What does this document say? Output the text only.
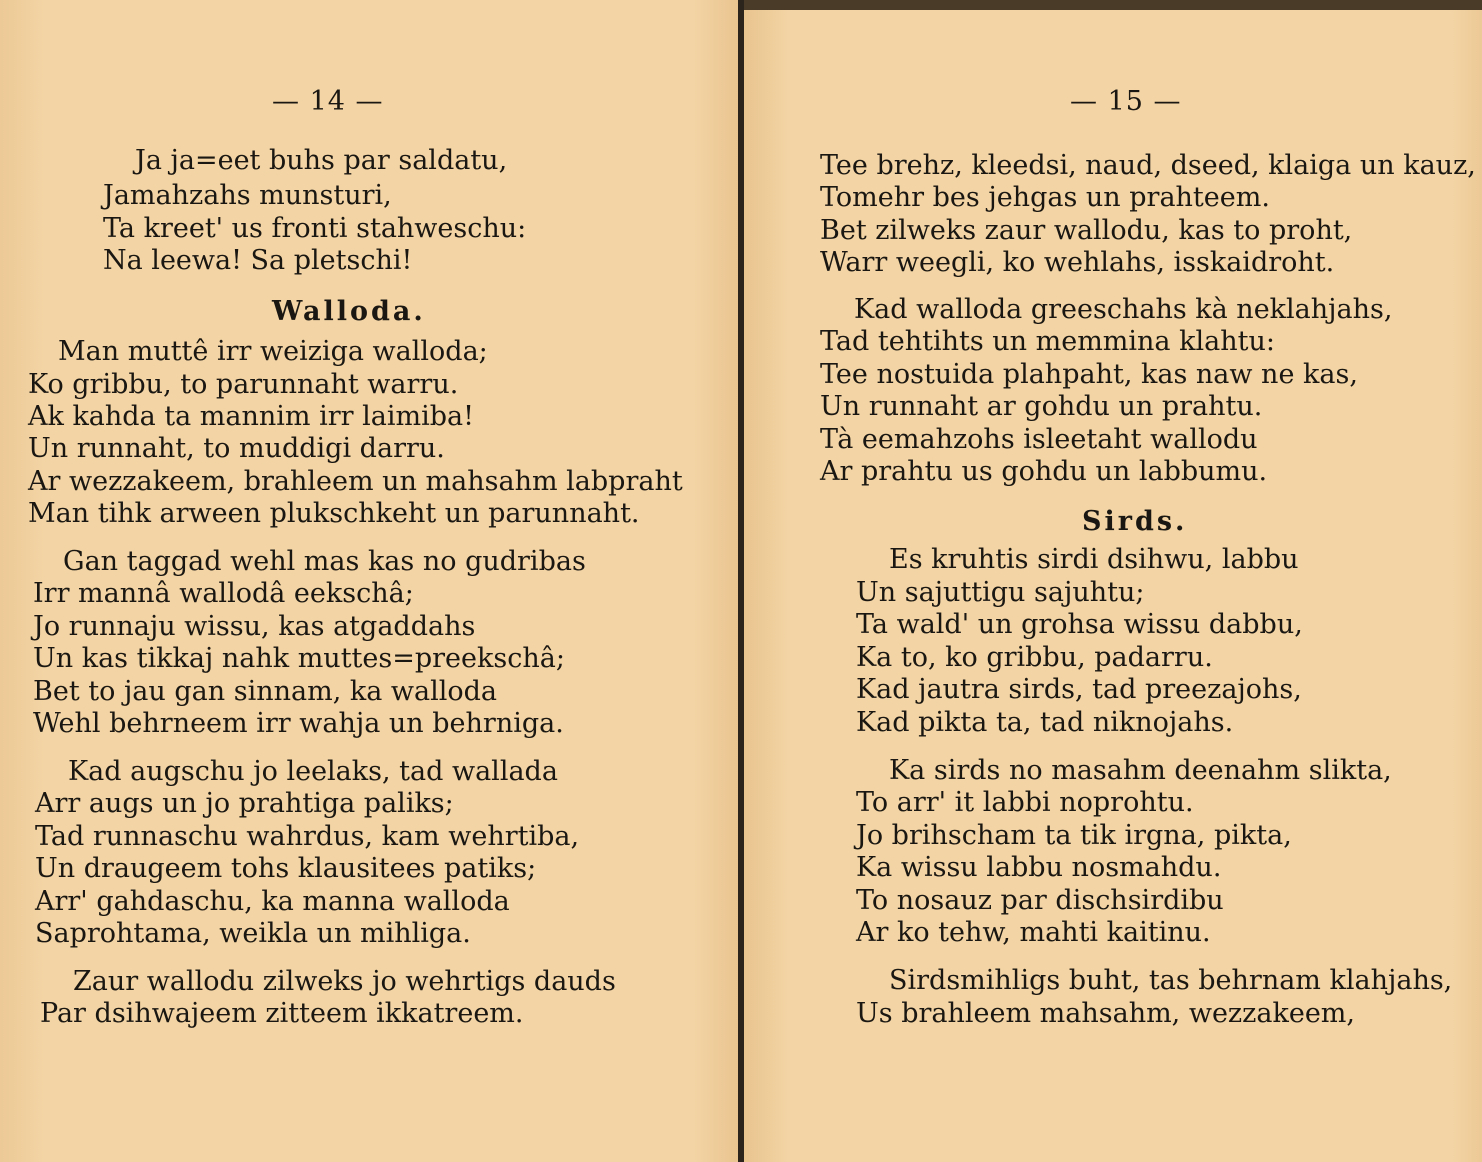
— 14 —
Ja ja=eet buhs par saldatu,
Jamahzahs munsturi,
Ta kreet' us fronti stahweschu:
Na leewa! Sa pletschi!
Walloda.
Man muttê irr weiziga walloda;
Ko gribbu, to parunnaht warru.
Ak kahda ta mannim irr laimiba!
Un runnaht, to muddigi darru.
Ar wezzakeem, brahleem un mahsahm labpraht
Man tihk arween plukschkeht un parunnaht.
Gan taggad wehl mas kas no gudribas
Irr mannâ wallodâ eekschâ;
Jo runnaju wissu, kas atgaddahs
Un kas tikkaj nahk muttes=preekschâ;
Bet to jau gan sinnam, ka walloda
Wehl behrneem irr wahja un behrniga.
Kad augschu jo leelaks, tad wallada
Arr augs un jo prahtiga paliks;
Tad runnaschu wahrdus, kam wehrtiba,
Un draugeem tohs klausitees patiks;
Arr' gahdaschu, ka manna walloda
Saprohtama, weikla un mihliga.
Zaur wallodu zilweks jo wehrtigs dauds
Par dsihwajeem zitteem ikkatreem.
— 15 —
Tee brehz, kleedsi, naud, dseed, klaiga un kauz,
Tomehr bes jehgas un prahteem.
Bet zilweks zaur wallodu, kas to proht,
Warr weegli, ko wehlahs, isskaidroht.
Kad walloda greeschahs kà neklahjahs,
Tad tehtihts un memmina klahtu:
Tee nostuida plahpaht, kas naw ne kas,
Un runnaht ar gohdu un prahtu.
Tà eemahzohs isleetaht wallodu
Ar prahtu us gohdu un labbumu.
Sirds.
Es kruhtis sirdi dsihwu, labbu
Un sajuttigu sajuhtu;
Ta wald' un grohsa wissu dabbu,
Ka to, ko gribbu, padarru.
Kad jautra sirds, tad preezajohs,
Kad pikta ta, tad niknojahs.
Ka sirds no masahm deenahm slikta,
To arr' it labbi noprohtu.
Jo brihscham ta tik irgna, pikta,
Ka wissu labbu nosmahdu.
To nosauz par dischsirdibu
Ar ko tehw, mahti kaitinu.
Sirdsmihligs buht, tas behrnam klahjahs,
Us brahleem mahsahm, wezzakeem,
